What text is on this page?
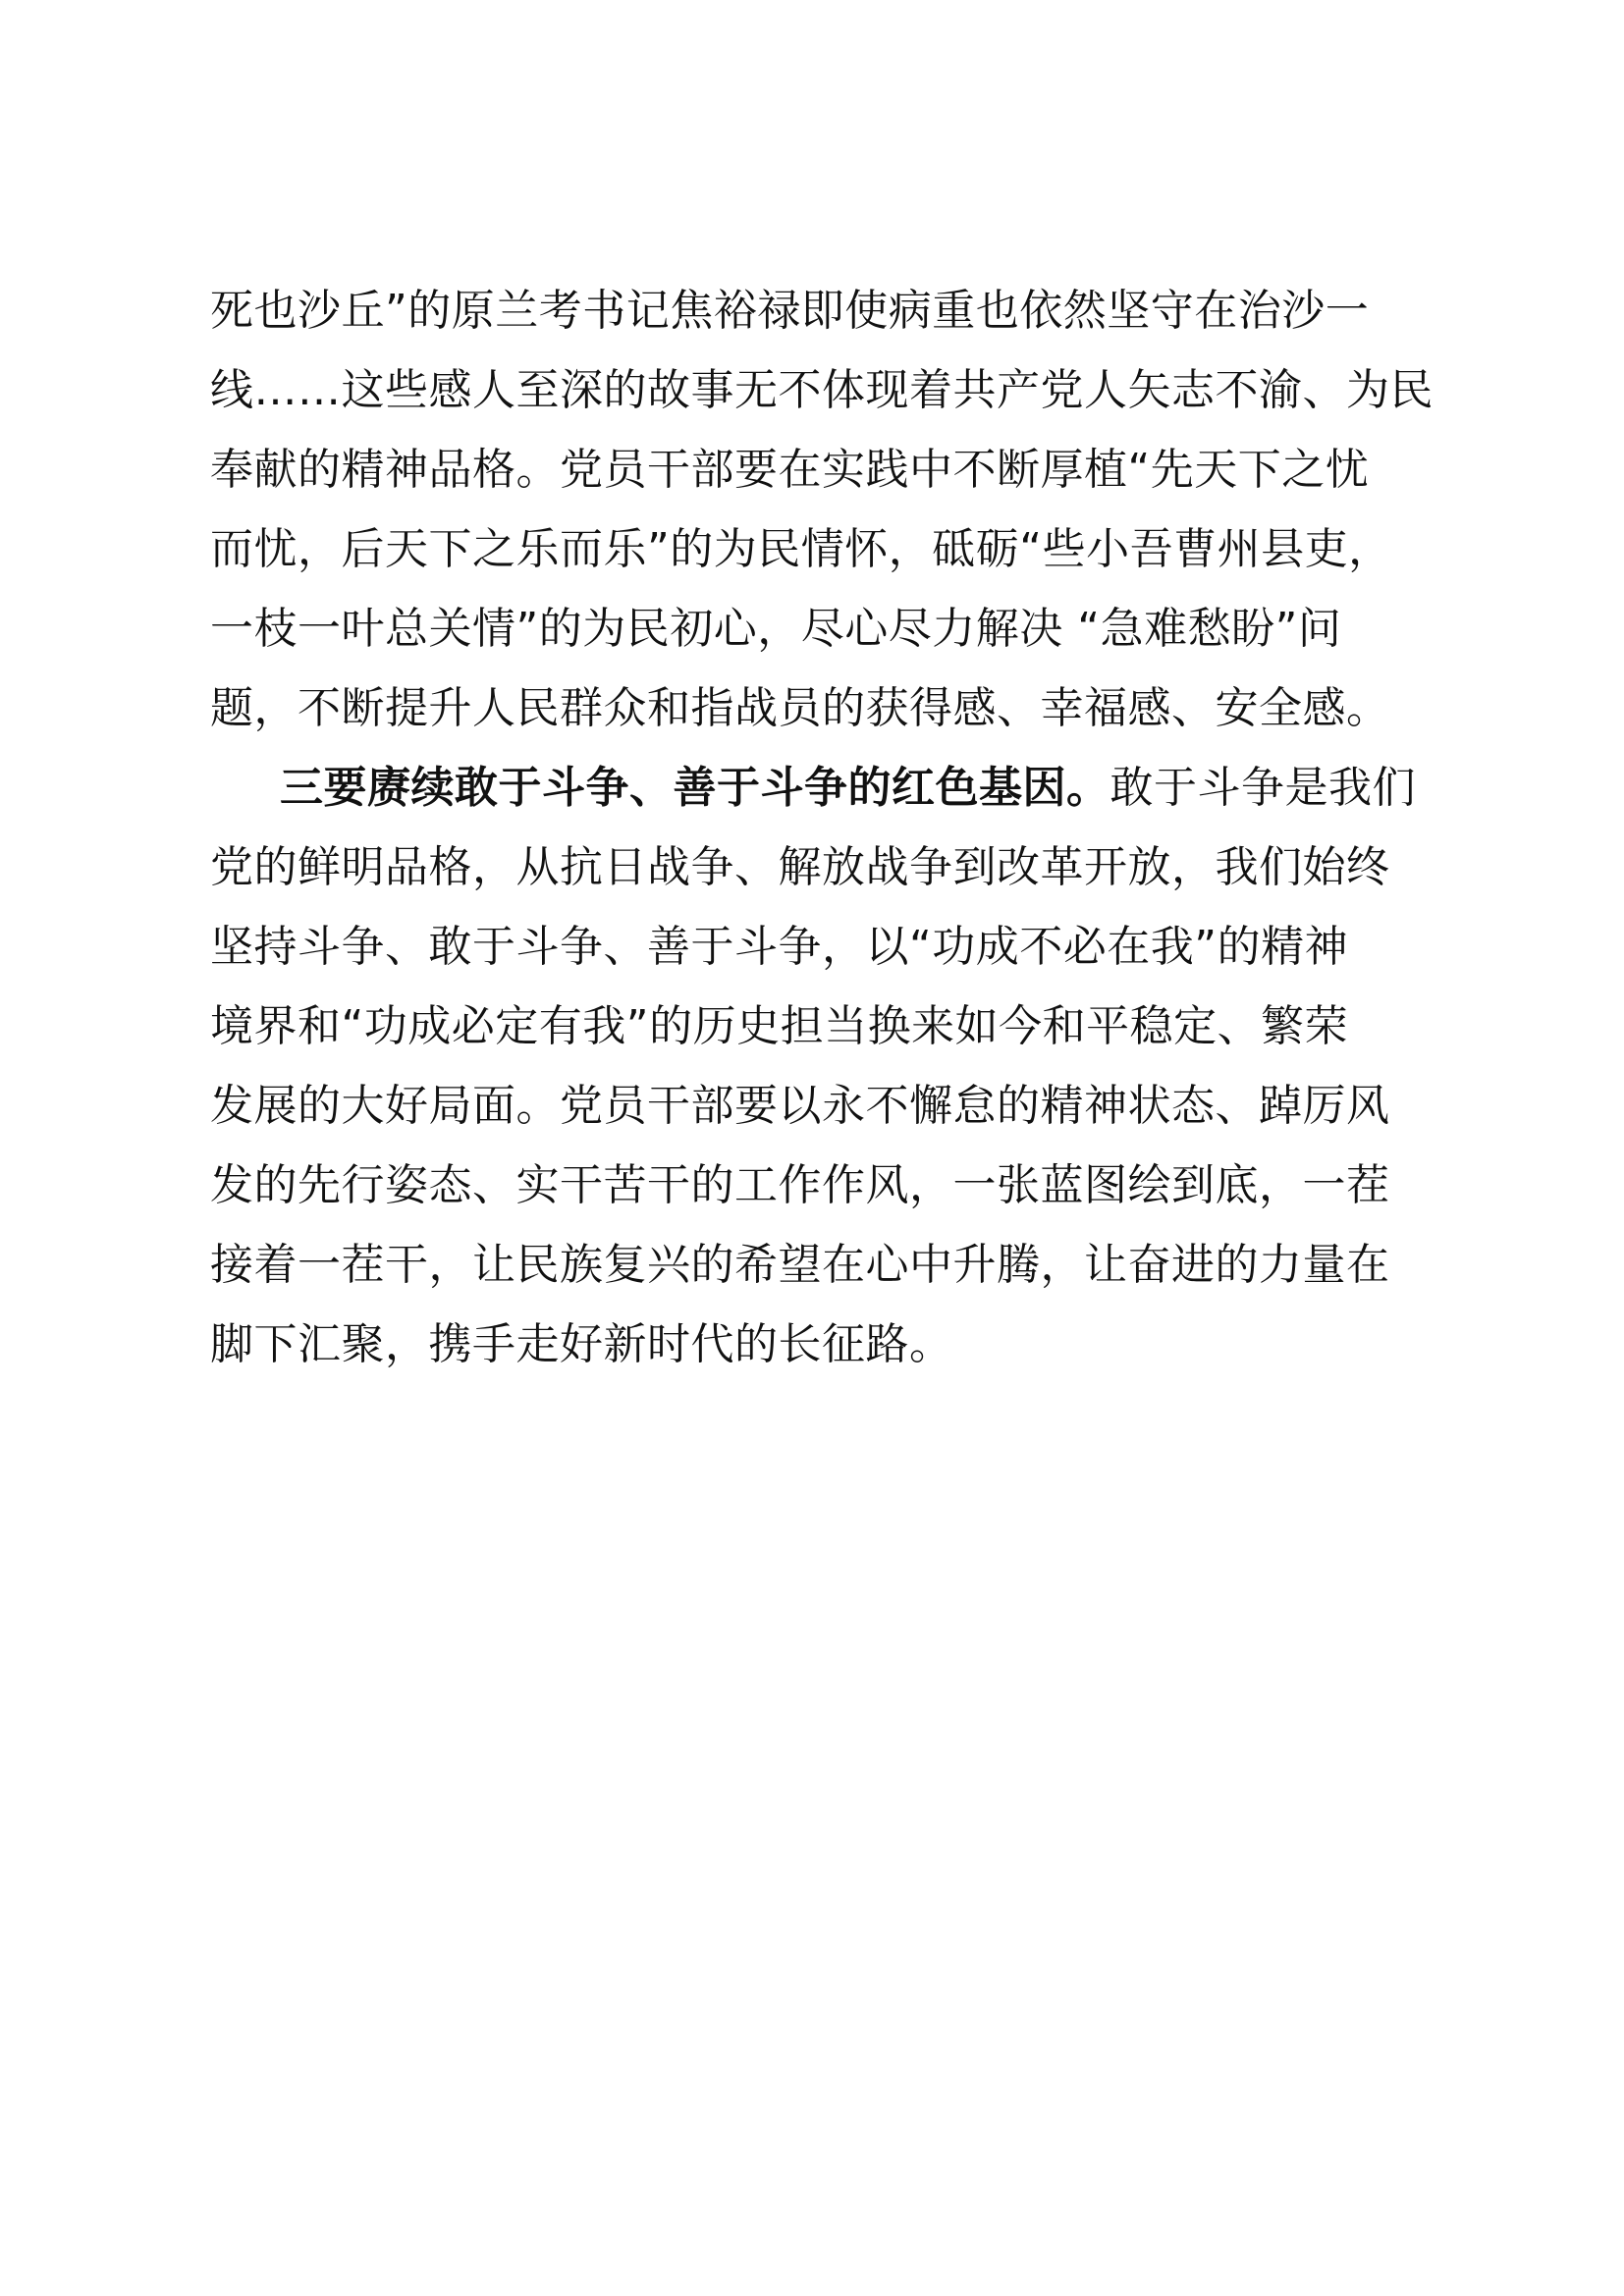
死也沙丘”的原兰考书记焦裕禄即使病重也依然坚守在治沙一
线……这些感人至深的故事无不体现着共产党人矢志不渝、为民
奉献的精神品格。党员干部要在实践中不断厚植“先天下之忧
而忧，后天下之乐而乐”的为民情怀，砥砺“些小吾曹州县吏，
一枝一叶总关情”的为民初心，尽心尽力解决 “急难愁盼”问
题，不断提升人民群众和指战员的获得感、幸福感、安全感。
三要赓续敢于斗争、善于斗争的红色基因。敢于斗争是我们
党的鲜明品格，从抗日战争、解放战争到改革开放，我们始终
坚持斗争、敢于斗争、善于斗争，以“功成不必在我”的精神
境界和“功成必定有我”的历史担当换来如今和平稳定、繁荣
发展的大好局面。党员干部要以永不懈怠的精神状态、踔厉风
发的先行姿态、实干苦干的工作作风，一张蓝图绘到底，一茬
接着一茬干，让民族复兴的希望在心中升腾，让奋进的力量在
脚下汇聚，携手走好新时代的长征路。
